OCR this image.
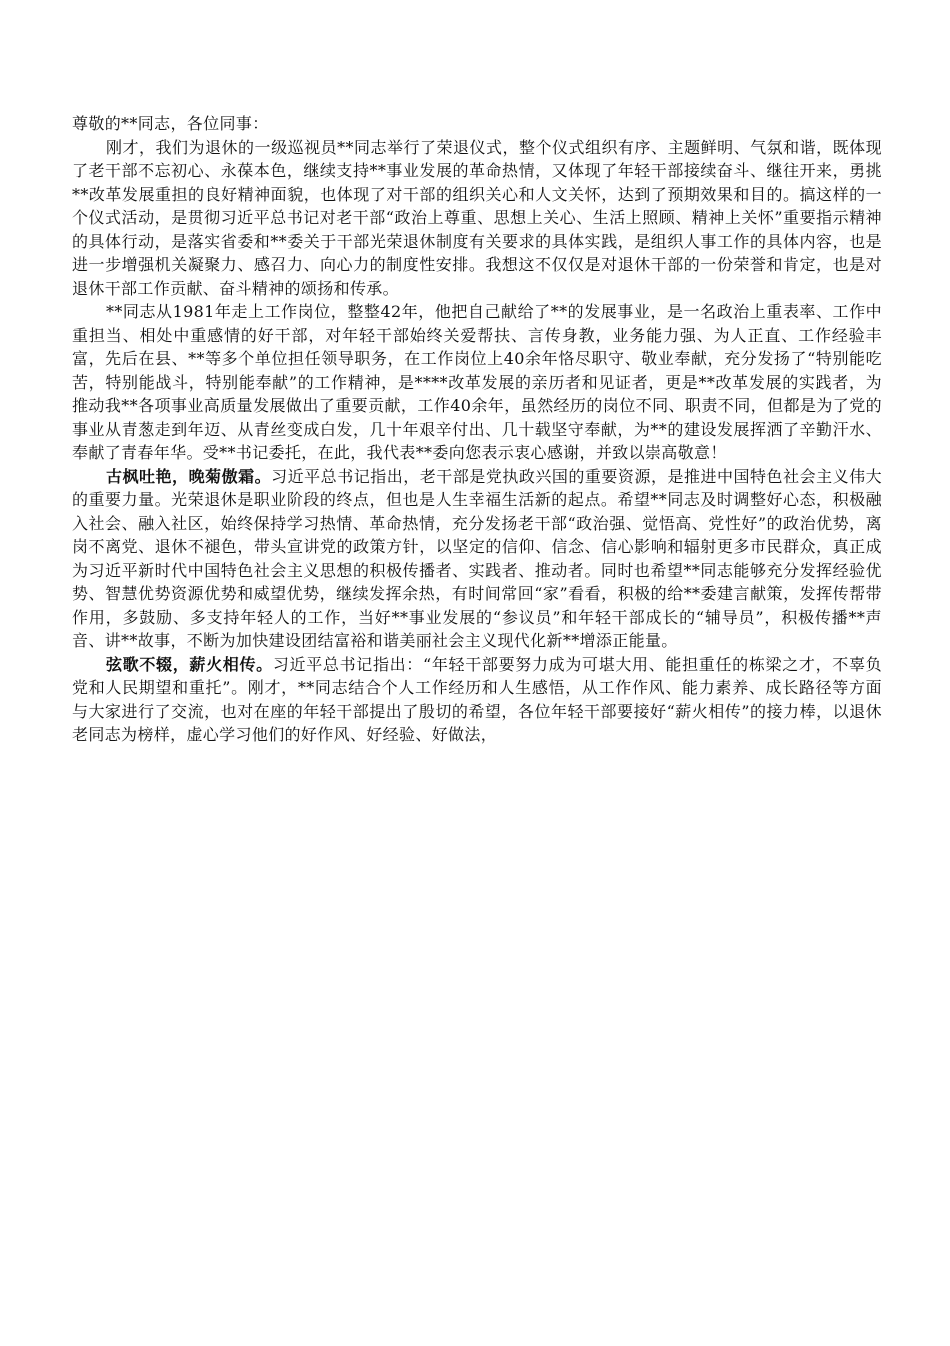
尊敬的**同志，各位同事：

刚才，我们为退休的一级巡视员**同志举行了荣退仪式，整个仪式组织有序、主题鲜明、气氛和谐，既体现了老干部不忘初心、永葆本色，继续支持**事业发展的革命热情，又体现了年轻干部接续奋斗、继往开来，勇挑**改革发展重担的良好精神面貌，也体现了对干部的组织关心和人文关怀，达到了预期效果和目的。搞这样的一个仪式活动，是贯彻习近平总书记对老干部“政治上尊重、思想上关心、生活上照顾、精神上关怀”重要指示精神的具体行动，是落实省委和**委关于干部光荣退休制度有关要求的具体实践，是组织人事工作的具体内容，也是进一步增强机关凝聚力、感召力、向心力的制度性安排。我想这不仅仅是对退休干部的一份荣誉和肯定，也是对退休干部工作贡献、奋斗精神的颂扬和传承。

**同志从1981年走上工作岗位，整整42年，他把自己献给了**的发展事业，是一名政治上重表率、工作中重担当、相处中重感情的好干部，对年轻干部始终关爱帮扶、言传身教，业务能力强、为人正直、工作经验丰富，先后在县、**等多个单位担任领导职务，在工作岗位上40余年恪尽职守、敬业奉献，充分发扬了“特别能吃苦，特别能战斗，特别能奉献”的工作精神，是****改革发展的亲历者和见证者，更是**改革发展的实践者，为推动我**各项事业高质量发展做出了重要贡献，工作40余年，虽然经历的岗位不同、职责不同，但都是为了党的事业从青葱走到年迈、从青丝变成白发，几十年艰辛付出、几十载坚守奉献，为**的建设发展挥洒了辛勤汗水、奉献了青春年华。受**书记委托，在此，我代表**委向您表示衷心感谢，并致以崇高敬意！

古枫吐艳，晚菊傲霜。习近平总书记指出，老干部是党执政兴国的重要资源，是推进中国特色社会主义伟大的重要力量。光荣退休是职业阶段的终点，但也是人生幸福生活新的起点。希望**同志及时调整好心态，积极融入社会、融入社区，始终保持学习热情、革命热情，充分发扬老干部“政治强、觉悟高、党性好”的政治优势，离岗不离党、退休不褪色，带头宣讲党的政策方针，以坚定的信仰、信念、信心影响和辐射更多市民群众，真正成为习近平新时代中国特色社会主义思想的积极传播者、实践者、推动者。同时也希望**同志能够充分发挥经验优势、智慧优势资源优势和威望优势，继续发挥余热，有时间常回“家”看看，积极的给**委建言献策，发挥传帮带作用，多鼓励、多支持年轻人的工作，当好**事业发展的“参议员”和年轻干部成长的“辅导员”，积极传播**声音、讲**故事，不断为加快建设团结富裕和谐美丽社会主义现代化新**增添正能量。

弦歌不辍，薪火相传。习近平总书记指出：“年轻干部要努力成为可堪大用、能担重任的栋梁之才，不辜负党和人民期望和重托”。刚才，**同志结合个人工作经历和人生感悟，从工作作风、能力素养、成长路径等方面与大家进行了交流，也对在座的年轻干部提出了殷切的希望，各位年轻干部要接好“薪火相传”的接力棒，以退休老同志为榜样，虚心学习他们的好作风、好经验、好做法，
